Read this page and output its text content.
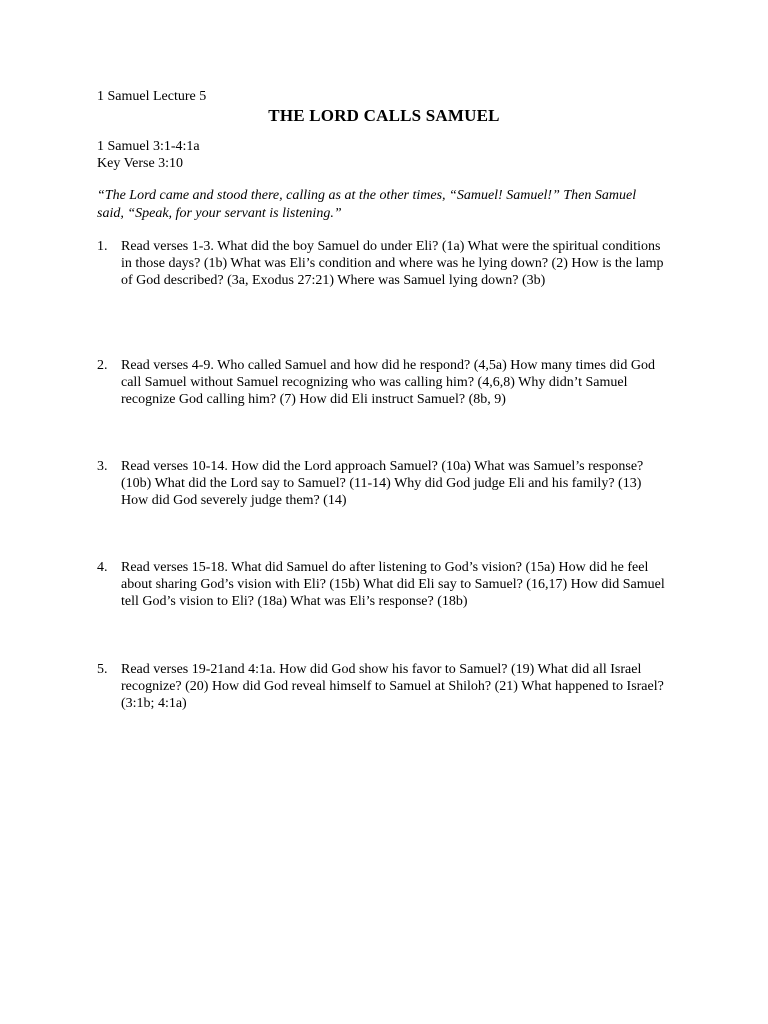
1 Samuel Lecture 5
THE LORD CALLS SAMUEL
1 Samuel 3:1-4:1a
Key Verse 3:10
“The Lord came and stood there, calling as at the other times, “Samuel! Samuel!” Then Samuel said, “Speak, for your servant is listening.”
1. Read verses 1-3. What did the boy Samuel do under Eli? (1a) What were the spiritual conditions in those days? (1b) What was Eli’s condition and where was he lying down? (2) How is the lamp of God described? (3a, Exodus 27:21) Where was Samuel lying down? (3b)
2. Read verses 4-9. Who called Samuel and how did he respond? (4,5a) How many times did God call Samuel without Samuel recognizing who was calling him? (4,6,8) Why didn’t Samuel recognize God calling him? (7) How did Eli instruct Samuel? (8b, 9)
3. Read verses 10-14. How did the Lord approach Samuel? (10a) What was Samuel’s response? (10b) What did the Lord say to Samuel? (11-14) Why did God judge Eli and his family? (13) How did God severely judge them? (14)
4. Read verses 15-18. What did Samuel do after listening to God’s vision? (15a) How did he feel about sharing God’s vision with Eli? (15b) What did Eli say to Samuel? (16,17) How did Samuel tell God’s vision to Eli? (18a) What was Eli’s response? (18b)
5. Read verses 19-21and 4:1a. How did God show his favor to Samuel? (19) What did all Israel recognize? (20) How did God reveal himself to Samuel at Shiloh? (21) What happened to Israel? (3:1b; 4:1a)
